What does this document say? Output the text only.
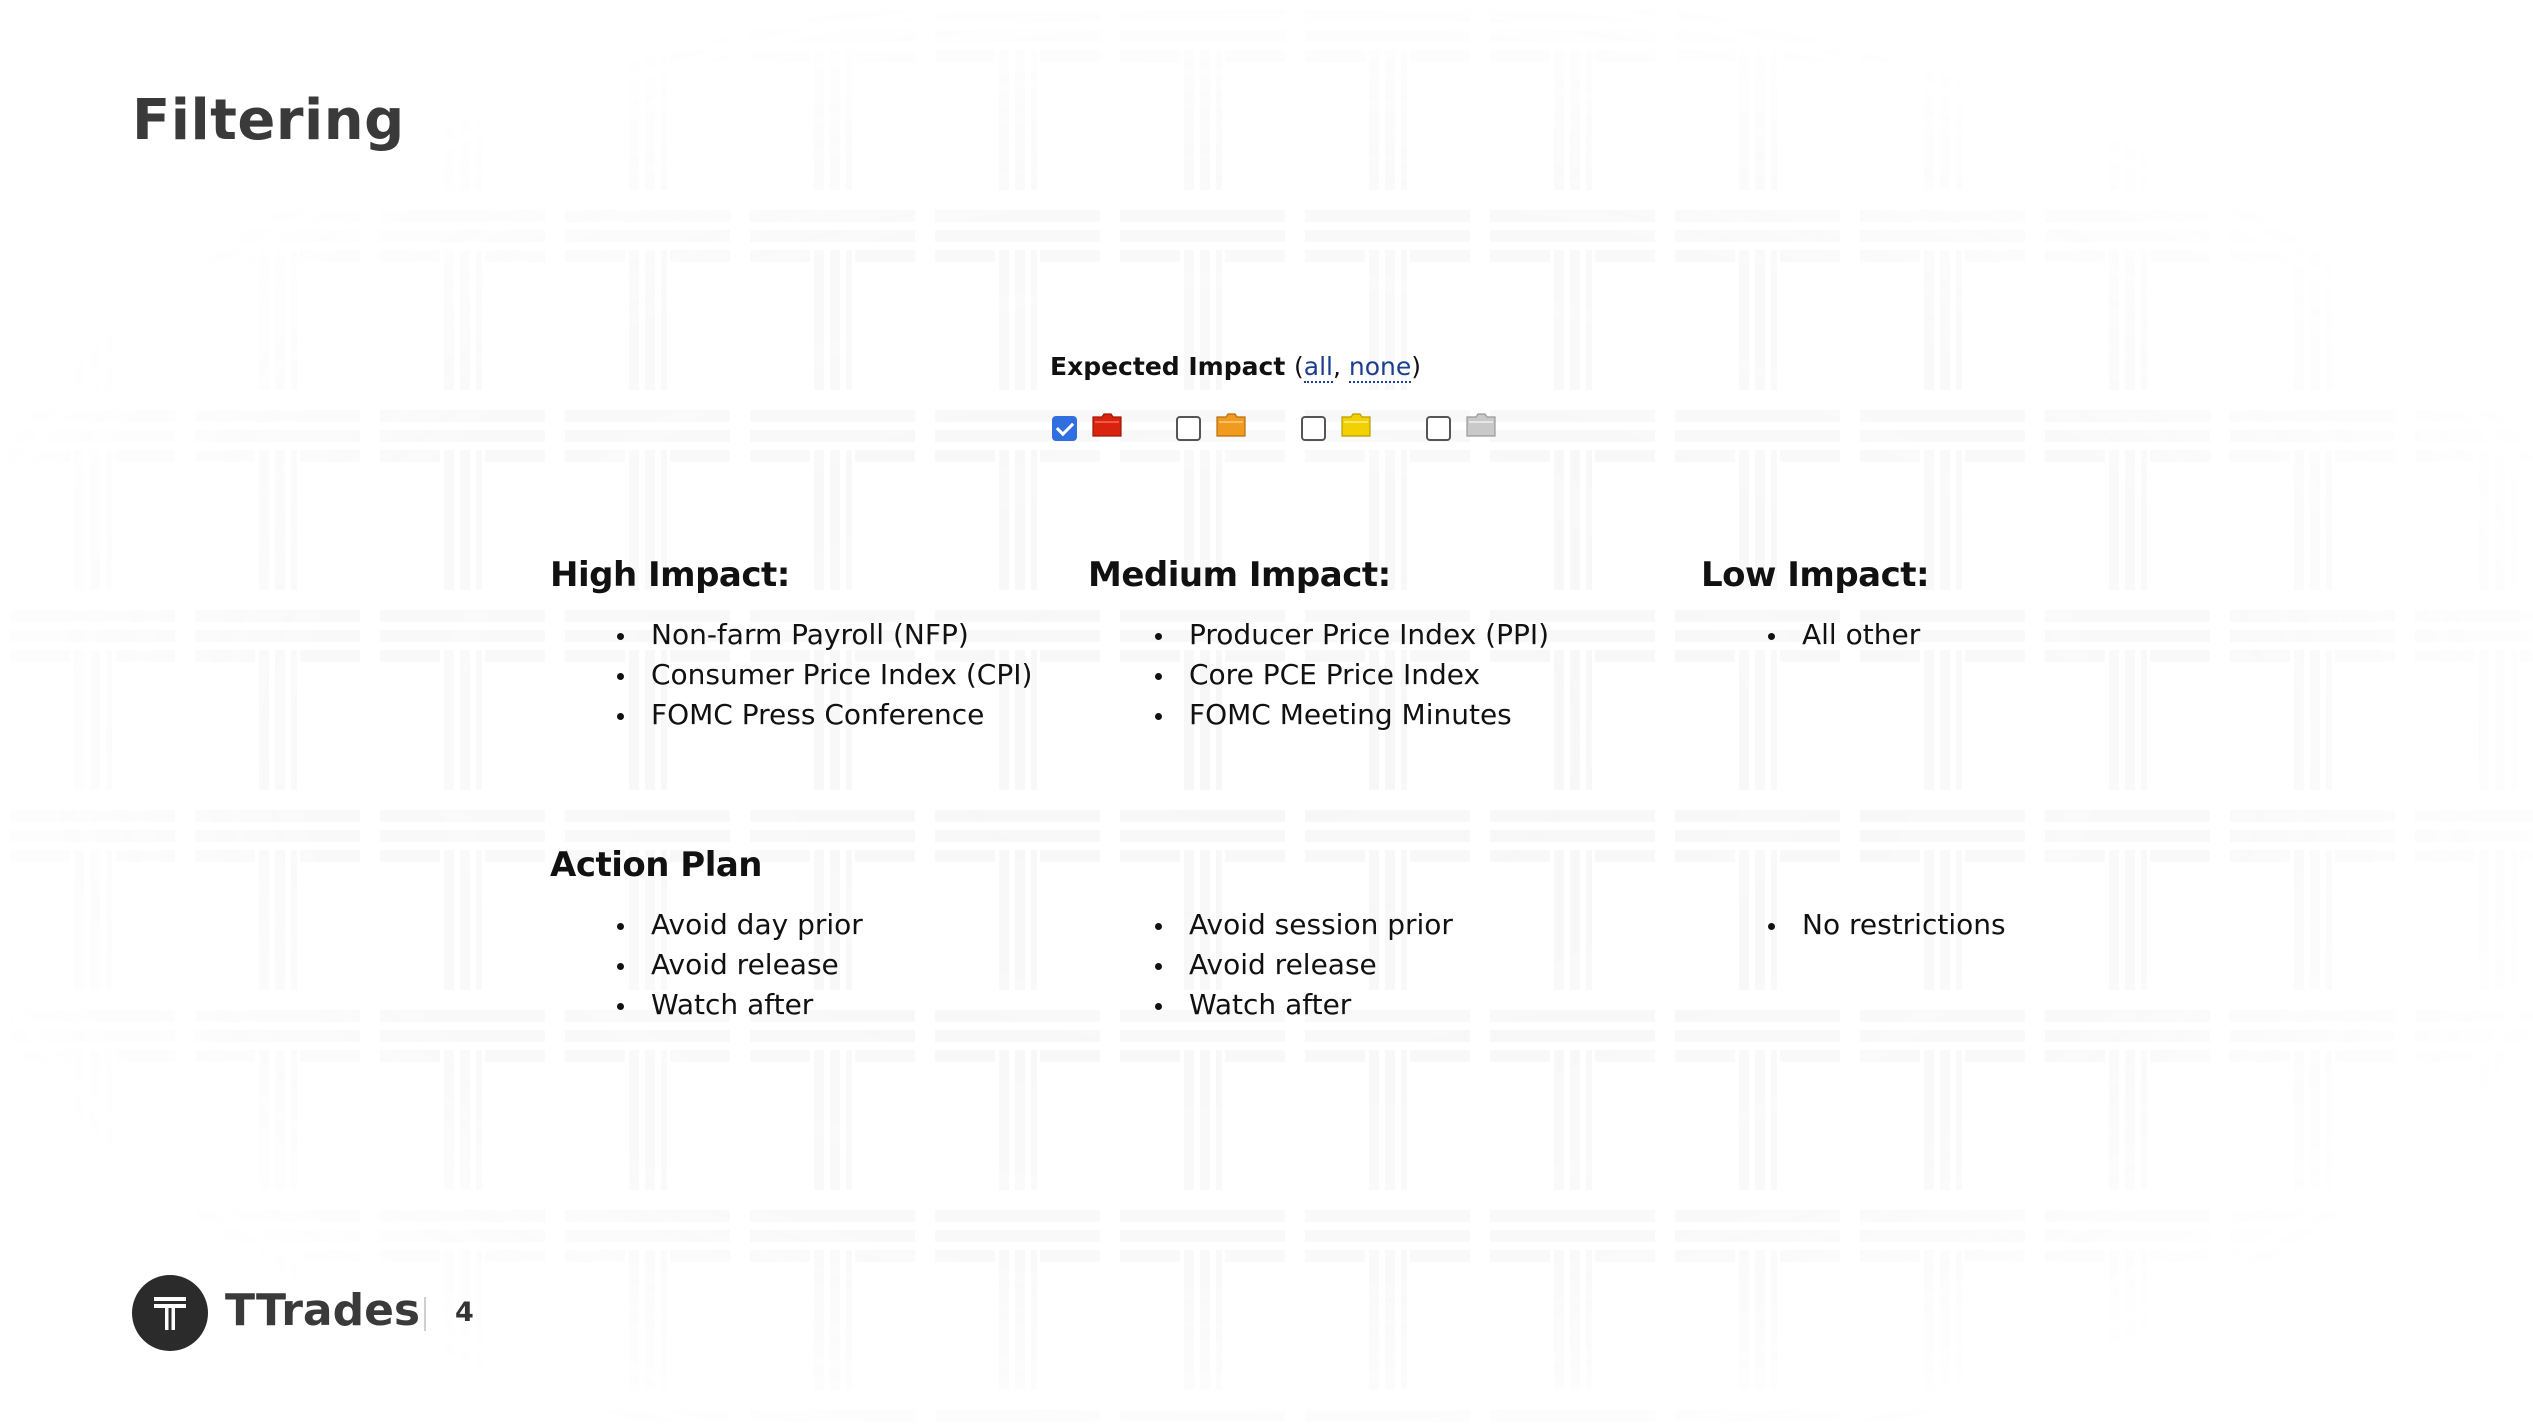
Filtering
Expected Impact (all, none)
High Impact:
Non-farm Payroll (NFP)
Consumer Price Index (CPI)
FOMC Press Conference
Medium Impact:
Producer Price Index (PPI)
Core PCE Price Index
FOMC Meeting Minutes
Low Impact:
All other
Action Plan
Avoid day prior
Avoid release
Watch after
Avoid session prior
Avoid release
Watch after
No restrictions
TTrades 4
